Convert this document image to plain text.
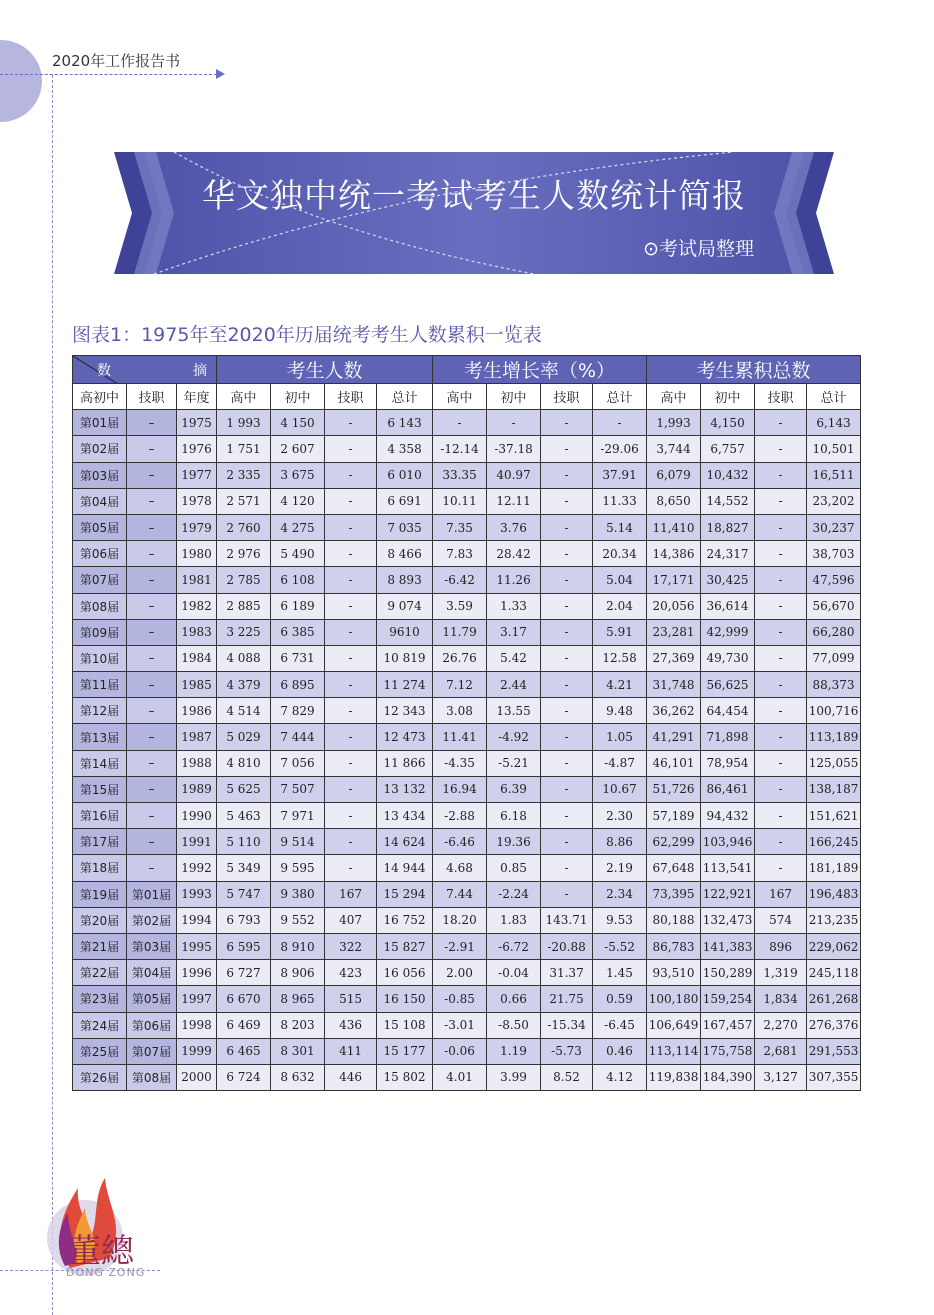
2020年工作报告书
华文独中统一考试考生人数统计简报
⊙考试局整理
图表1：1975年至2020年历届统考考生人数累积一览表
数 摘			考生人数				考生增长率（%）				考生累积总数			
高初中	技职	年度	高中	初中	技职	总计	高中	初中	技职	总计	高中	初中	技职	总计
第01届	–	1975	1 993	4 150	-	6 143	-	-	-	-	1,993	4,150	-	6,143
第02届	–	1976	1 751	2 607	-	4 358	-12.14	-37.18	-	-29.06	3,744	6,757	-	10,501
第03届	–	1977	2 335	3 675	-	6 010	33.35	40.97	-	37.91	6,079	10,432	-	16,511
第04届	–	1978	2 571	4 120	-	6 691	10.11	12.11	-	11.33	8,650	14,552	-	23,202
第05届	–	1979	2 760	4 275	-	7 035	7.35	3.76	-	5.14	11,410	18,827	-	30,237
第06届	–	1980	2 976	5 490	-	8 466	7.83	28.42	-	20.34	14,386	24,317	-	38,703
第07届	–	1981	2 785	6 108	-	8 893	-6.42	11.26	-	5.04	17,171	30,425	-	47,596
第08届	–	1982	2 885	6 189	-	9 074	3.59	1.33	-	2.04	20,056	36,614	-	56,670
第09届	–	1983	3 225	6 385	-	9610	11.79	3.17	-	5.91	23,281	42,999	-	66,280
第10届	–	1984	4 088	6 731	-	10 819	26.76	5.42	-	12.58	27,369	49,730	-	77,099
第11届	–	1985	4 379	6 895	-	11 274	7.12	2.44	-	4.21	31,748	56,625	-	88,373
第12届	–	1986	4 514	7 829	-	12 343	3.08	13.55	-	9.48	36,262	64,454	-	100,716
第13届	–	1987	5 029	7 444	-	12 473	11.41	-4.92	-	1.05	41,291	71,898	-	113,189
第14届	–	1988	4 810	7 056	-	11 866	-4.35	-5.21	-	-4.87	46,101	78,954	-	125,055
第15届	–	1989	5 625	7 507	-	13 132	16.94	6.39	-	10.67	51,726	86,461	-	138,187
第16届	–	1990	5 463	7 971	-	13 434	-2.88	6.18	-	2.30	57,189	94,432	-	151,621
第17届	–	1991	5 110	9 514	-	14 624	-6.46	19.36	-	8.86	62,299	103,946	-	166,245
第18届	–	1992	5 349	9 595	-	14 944	4.68	0.85	-	2.19	67,648	113,541	-	181,189
第19届	第01届	1993	5 747	9 380	167	15 294	7.44	-2.24	-	2.34	73,395	122,921	167	196,483
第20届	第02届	1994	6 793	9 552	407	16 752	18.20	1.83	143.71	9.53	80,188	132,473	574	213,235
第21届	第03届	1995	6 595	8 910	322	15 827	-2.91	-6.72	-20.88	-5.52	86,783	141,383	896	229,062
第22届	第04届	1996	6 727	8 906	423	16 056	2.00	-0.04	31.37	1.45	93,510	150,289	1,319	245,118
第23届	第05届	1997	6 670	8 965	515	16 150	-0.85	0.66	21.75	0.59	100,180	159,254	1,834	261,268
第24届	第06届	1998	6 469	8 203	436	15 108	-3.01	-8.50	-15.34	-6.45	106,649	167,457	2,270	276,376
第25届	第07届	1999	6 465	8 301	411	15 177	-0.06	1.19	-5.73	0.46	113,114	175,758	2,681	291,553
第26届	第08届	2000	6 724	8 632	446	15 802	4.01	3.99	8.52	4.12	119,838	184,390	3,127	307,355
董總
DONG ZONG
